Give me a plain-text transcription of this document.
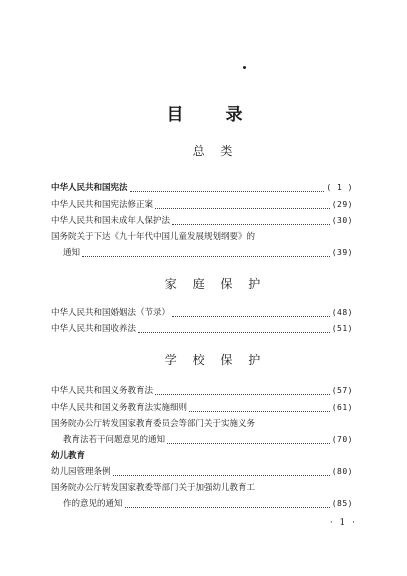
目 录
总 类
中华人民共和国宪法	( 1 )
中华人民共和国宪法修正案	(29)
中华人民共和国未成年人保护法	(30)
国务院关于下达《九十年代中国儿童发展规划纲要》的
通知	(39)
家 庭 保 护
中华人民共和国婚姻法（节录）	(48)
中华人民共和国收养法	(51)
学 校 保 护
中华人民共和国义务教育法	(57)
中华人民共和国义务教育法实施细则	(61)
国务院办公厅转发国家教育委员会等部门关于实施义务
教育法若干问题意见的通知	(70)
幼儿教育
幼儿园管理条例	(80)
国务院办公厅转发国家教委等部门关于加强幼儿教育工
作的意见的通知	(85)
· 1 ·
